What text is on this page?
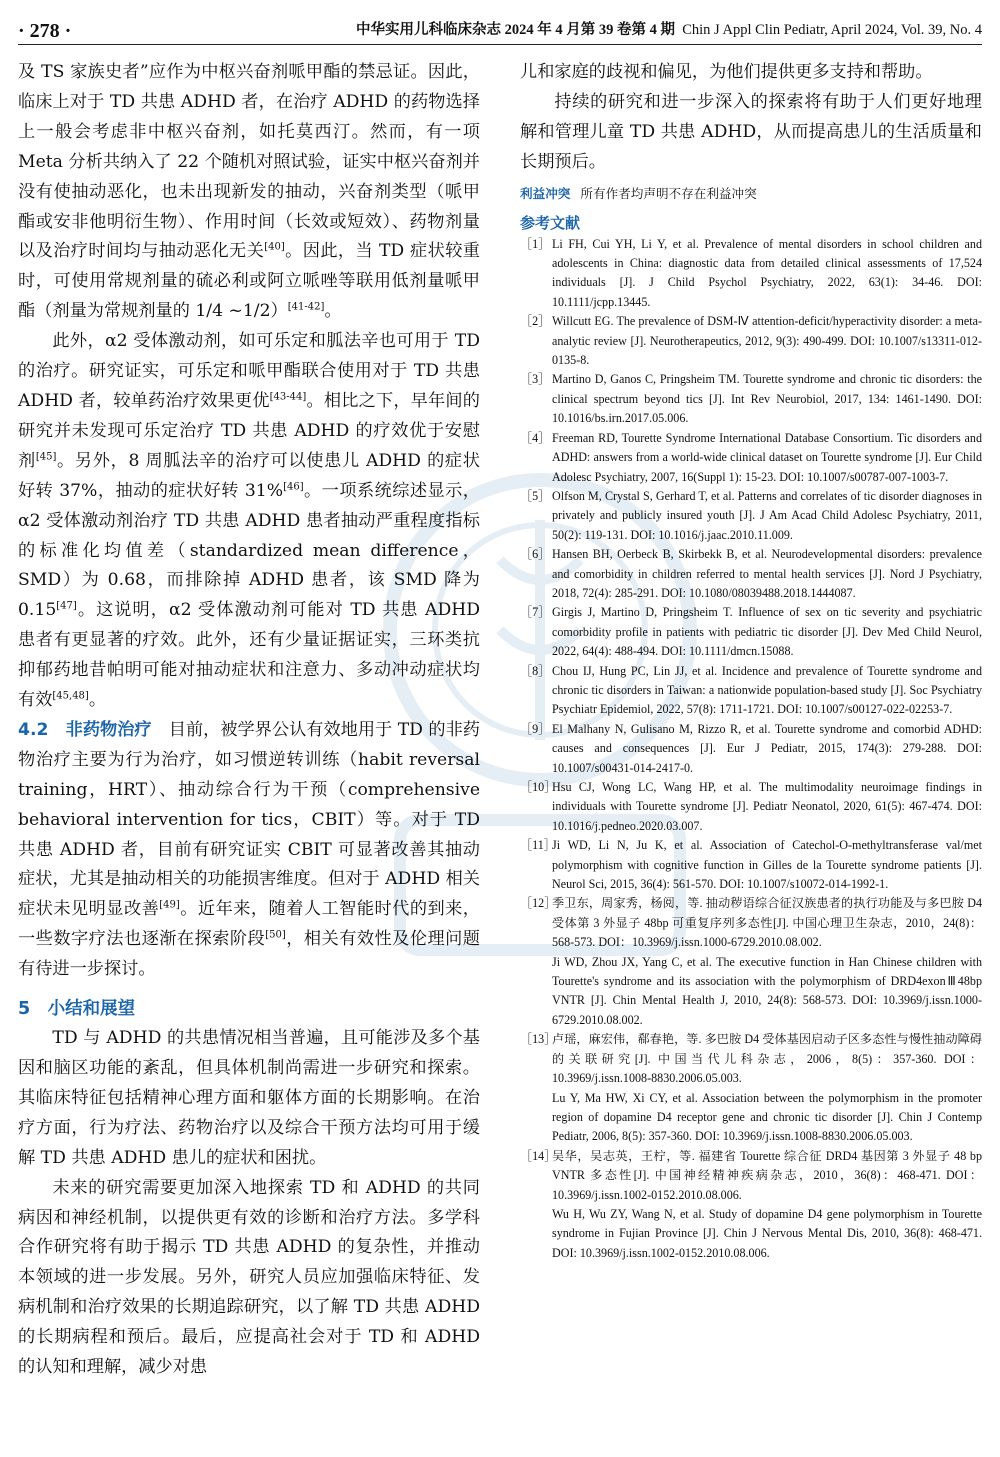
· 278 ·	中华实用儿科临床杂志 2024 年 4 月第 39 卷第 4 期 Chin J Appl Clin Pediatr, April 2024, Vol. 39, No. 4

及 TS 家族史者”应作为中枢兴奋剂哌甲酯的禁忌证。因此，临床上对于 TD 共患 ADHD 者，在治疗 ADHD 的药物选择上一般会考虑非中枢兴奋剂，如托莫西汀。然而，有一项 Meta 分析共纳入了 22 个随机对照试验，证实中枢兴奋剂并没有使抽动恶化，也未出现新发的抽动，兴奋剂类型（哌甲酯或安非他明衍生物）、作用时间（长效或短效）、药物剂量以及治疗时间均与抽动恶化无关[40]。因此，当 TD 症状较重时，可使用常规剂量的硫必利或阿立哌唑等联用低剂量哌甲酯（剂量为常规剂量的 1/4 ~1/2）[41-42]。

此外，α2 受体激动剂，如可乐定和胍法辛也可用于 TD 的治疗。研究证实，可乐定和哌甲酯联合使用对于 TD 共患 ADHD 者，较单药治疗效果更优[43-44]。相比之下，早年间的研究并未发现可乐定治疗 TD 共患 ADHD 的疗效优于安慰剂[45]。另外，8 周胍法辛的治疗可以使患儿 ADHD 的症状好转 37%，抽动的症状好转 31%[46]。一项系统综述显示，α2 受体激动剂治疗 TD 共患 ADHD 患者抽动严重程度指标的标准化均值差（standardized mean difference，SMD）为 0.68，而排除掉 ADHD 患者，该 SMD 降为 0.15[47]。这说明，α2 受体激动剂可能对 TD 共患 ADHD 患者有更显著的疗效。此外，还有少量证据证实，三环类抗抑郁药地昔帕明可能对抽动症状和注意力、多动冲动症状均有效[45,48]。

4.2　非药物治疗　目前，被学界公认有效地用于 TD 的非药物治疗主要为行为治疗，如习惯逆转训练（habit reversal training，HRT）、抽动综合行为干预（comprehensive behavioral intervention for tics，CBIT）等。对于 TD 共患 ADHD 者，目前有研究证实 CBIT 可显著改善其抽动症状，尤其是抽动相关的功能损害维度。但对于 ADHD 相关症状未见明显改善[49]。近年来，随着人工智能时代的到来，一些数字疗法也逐渐在探索阶段[50]，相关有效性及伦理问题有待进一步探讨。

5　小结和展望

TD 与 ADHD 的共患情况相当普遍，且可能涉及多个基因和脑区功能的紊乱，但具体机制尚需进一步研究和探索。其临床特征包括精神心理方面和躯体方面的长期影响。在治疗方面，行为疗法、药物治疗以及综合干预方法均可用于缓解 TD 共患 ADHD 患儿的症状和困扰。

未来的研究需要更加深入地探索 TD 和 ADHD 的共同病因和神经机制，以提供更有效的诊断和治疗方法。多学科合作研究将有助于揭示 TD 共患 ADHD 的复杂性，并推动本领域的进一步发展。另外，研究人员应加强临床特征、发病机制和治疗效果的长期追踪研究，以了解 TD 共患 ADHD 的长期病程和预后。最后，应提高社会对于 TD 和 ADHD 的认知和理解，减少对患

儿和家庭的歧视和偏见，为他们提供更多支持和帮助。

持续的研究和进一步深入的探索将有助于人们更好地理解和管理儿童 TD 共患 ADHD，从而提高患儿的生活质量和长期预后。

利益冲突 所有作者均声明不存在利益冲突
参考文献
［1］ Li FH, Cui YH, Li Y, et al. Prevalence of mental disorders in school children and adolescents in China: diagnostic data from detailed clinical assessments of 17,524 individuals [J]. J Child Psychol Psychiatry, 2022, 63(1): 34-46. DOI: 10.1111/jcpp.13445.
［2］ Willcutt EG. The prevalence of DSM-Ⅳ attention-deficit/hyperactivity disorder: a meta-analytic review [J]. Neurotherapeutics, 2012, 9(3): 490-499. DOI: 10.1007/s13311-012-0135-8.
［3］ Martino D, Ganos C, Pringsheim TM. Tourette syndrome and chronic tic disorders: the clinical spectrum beyond tics [J]. Int Rev Neurobiol, 2017, 134: 1461-1490. DOI: 10.1016/bs.irn.2017.05.006.
［4］ Freeman RD, Tourette Syndrome International Database Consortium. Tic disorders and ADHD: answers from a world-wide clinical dataset on Tourette syndrome [J]. Eur Child Adolesc Psychiatry, 2007, 16(Suppl 1): 15-23. DOI: 10.1007/s00787-007-1003-7.
［5］ Olfson M, Crystal S, Gerhard T, et al. Patterns and correlates of tic disorder diagnoses in privately and publicly insured youth [J]. J Am Acad Child Adolesc Psychiatry, 2011, 50(2): 119-131. DOI: 10.1016/j.jaac.2010.11.009.
［6］ Hansen BH, Oerbeck B, Skirbekk B, et al. Neurodevelopmental disorders: prevalence and comorbidity in children referred to mental health services [J]. Nord J Psychiatry, 2018, 72(4): 285-291. DOI: 10.1080/08039488.2018.1444087.
［7］ Girgis J, Martino D, Pringsheim T. Influence of sex on tic severity and psychiatric comorbidity profile in patients with pediatric tic disorder [J]. Dev Med Child Neurol, 2022, 64(4): 488-494. DOI: 10.1111/dmcn.15088.
［8］ Chou IJ, Hung PC, Lin JJ, et al. Incidence and prevalence of Tourette syndrome and chronic tic disorders in Taiwan: a nationwide population-based study [J]. Soc Psychiatry Psychiatr Epidemiol, 2022, 57(8): 1711-1721. DOI: 10.1007/s00127-022-02253-7.
［9］ El Malhany N, Gulisano M, Rizzo R, et al. Tourette syndrome and comorbid ADHD: causes and consequences [J]. Eur J Pediatr, 2015, 174(3): 279-288. DOI: 10.1007/s00431-014-2417-0.
［10］
Hsu CJ, Wong LC, Wang HP, et al. The multimodality neuroimage findings in individuals with Tourette syndrome [J]. Pediatr Neonatol, 2020, 61(5): 467-474. DOI: 10.1016/j.pedneo.2020.03.007.
［11］
Ji WD, Li N, Ju K, et al. Association of Catechol-O-methyltransferase val/met polymorphism with cognitive function in Gilles de la Tourette syndrome patients [J]. Neurol Sci, 2015, 36(4): 561-570. DOI: 10.1007/s10072-014-1992-1.
［12］
季卫东，周家秀，杨阅，等. 抽动秽语综合征汉族患者的执行功能及与多巴胺 D4 受体第 3 外显子 48bp 可重复序列多态性[J]. 中国心理卫生杂志，2010，24(8)：568-573. DOI：10.3969/j.issn.1000-6729.2010.08.002.
Ji WD, Zhou JX, Yang C, et al. The executive function in Han Chinese children with Tourette's syndrome and its association with the polymorphism of DRD4exonⅢ48bp VNTR [J]. Chin Mental Health J, 2010, 24(8): 568-573. DOI: 10.3969/j.issn.1000-6729.2010.08.002.
［13］
卢瑶，麻宏伟，郗春艳，等. 多巴胺 D4 受体基因启动子区多态性与慢性抽动障碍的关联研究[J]. 中国当代儿科杂志，2006，8(5)：357-360. DOI：10.3969/j.issn.1008-8830.2006.05.003.
Lu Y, Ma HW, Xi CY, et al. Association between the polymorphism in the promoter region of dopamine D4 receptor gene and chronic tic disorder [J]. Chin J Contemp Pediatr, 2006, 8(5): 357-360. DOI: 10.3969/j.issn.1008-8830.2006.05.003.
［14］
吴华，吴志英，王柠，等. 福建省 Tourette 综合征 DRD4 基因第 3 外显子 48 bp VNTR 多态性[J]. 中国神经精神疾病杂志，2010，36(8)：468-471. DOI：10.3969/j.issn.1002-0152.2010.08.006.
Wu H, Wu ZY, Wang N, et al. Study of dopamine D4 gene polymorphism in Tourette syndrome in Fujian Province [J]. Chin J Nervous Mental Dis, 2010, 36(8): 468-471. DOI: 10.3969/j.issn.1002-0152.2010.08.006.
